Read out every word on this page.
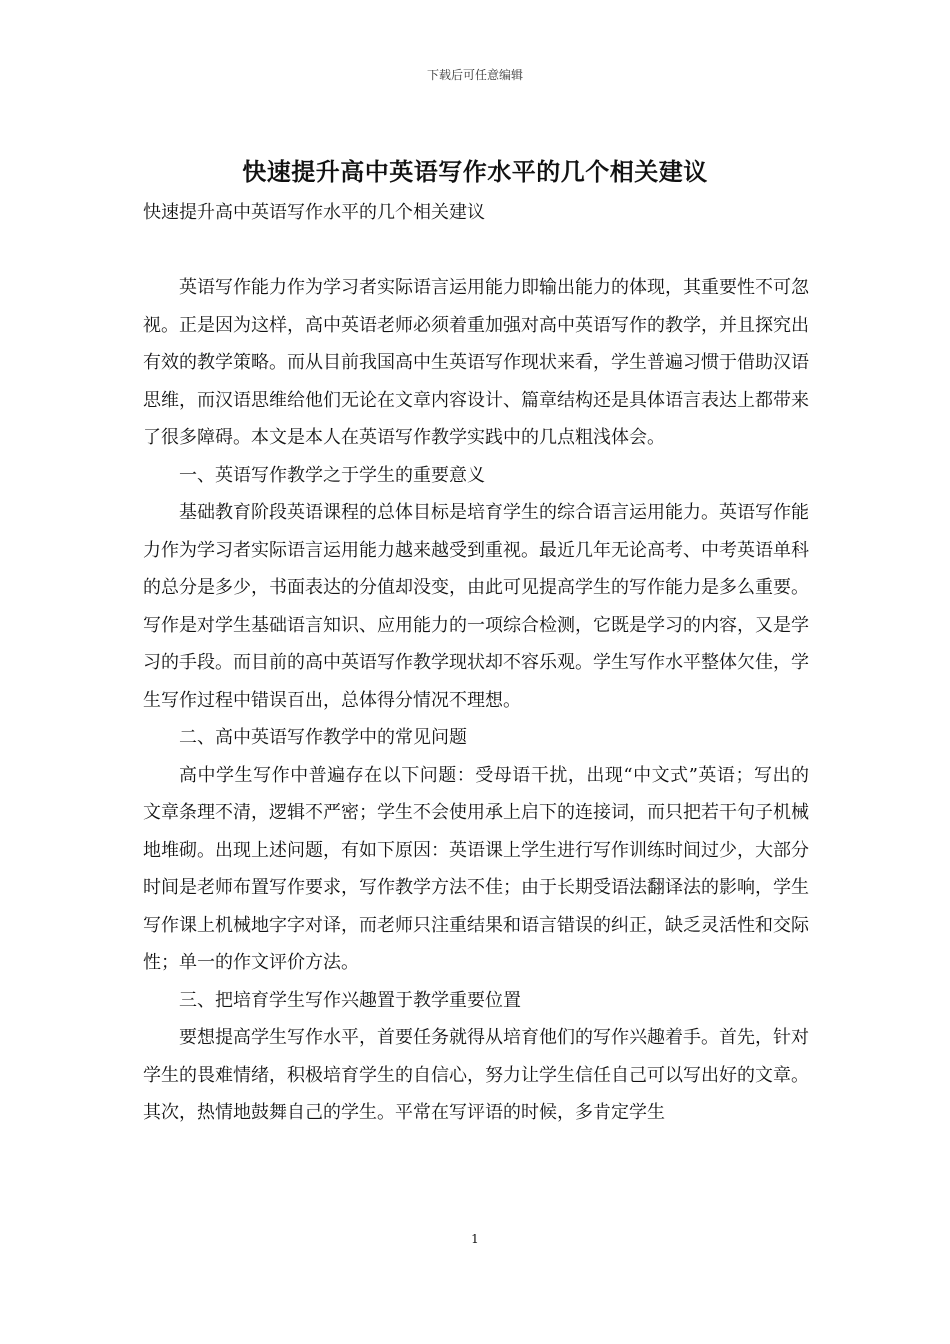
下载后可任意编辑
快速提升高中英语写作水平的几个相关建议
快速提升高中英语写作水平的几个相关建议

英语写作能力作为学习者实际语言运用能力即输出能力的体现，其重要性不可忽视。正是因为这样，高中英语老师必须着重加强对高中英语写作的教学，并且探究出有效的教学策略。而从目前我国高中生英语写作现状来看，学生普遍习惯于借助汉语思维，而汉语思维给他们无论在文章内容设计、篇章结构还是具体语言表达上都带来了很多障碍。本文是本人在英语写作教学实践中的几点粗浅体会。

一、英语写作教学之于学生的重要意义

基础教育阶段英语课程的总体目标是培育学生的综合语言运用能力。英语写作能力作为学习者实际语言运用能力越来越受到重视。最近几年无论高考、中考英语单科的总分是多少，书面表达的分值却没变，由此可见提高学生的写作能力是多么重要。写作是对学生基础语言知识、应用能力的一项综合检测，它既是学习的内容，又是学习的手段。而目前的高中英语写作教学现状却不容乐观。学生写作水平整体欠佳，学生写作过程中错误百出，总体得分情况不理想。

二、高中英语写作教学中的常见问题

高中学生写作中普遍存在以下问题：受母语干扰，出现“中文式”英语；写出的文章条理不清，逻辑不严密；学生不会使用承上启下的连接词，而只把若干句子机械地堆砌。出现上述问题，有如下原因：英语课上学生进行写作训练时间过少，大部分时间是老师布置写作要求，写作教学方法不佳；由于长期受语法翻译法的影响，学生写作课上机械地字字对译，而老师只注重结果和语言错误的纠正，缺乏灵活性和交际性；单一的作文评价方法。

三、把培育学生写作兴趣置于教学重要位置

要想提高学生写作水平，首要任务就得从培育他们的写作兴趣着手。首先，针对学生的畏难情绪，积极培育学生的自信心，努力让学生信任自己可以写出好的文章。其次，热情地鼓舞自己的学生。平常在写评语的时候，多肯定学生

1
